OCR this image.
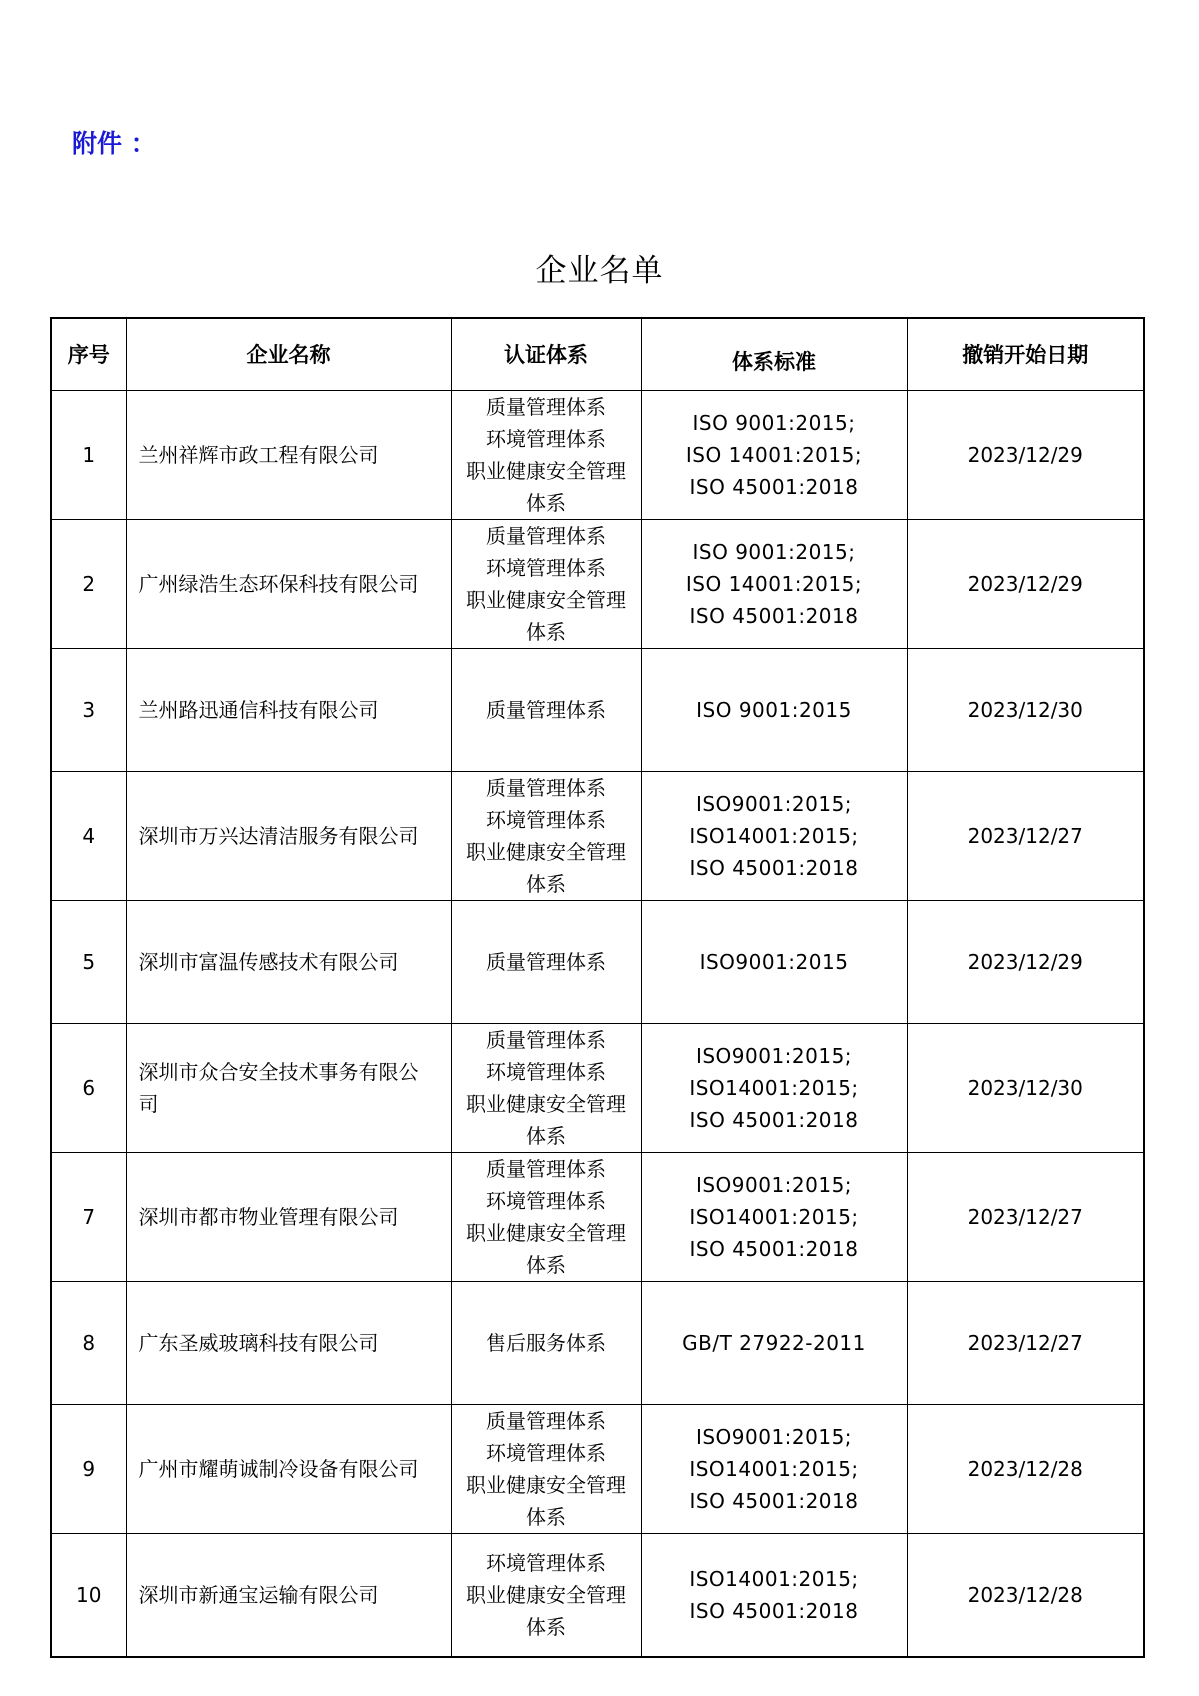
附件 ：
企业名单
序号	企业名称	认证体系	体系标准	撤销开始日期
1	兰州祥辉市政工程有限公司	质量管理体系
环境管理体系
职业健康安全管理
体系	ISO 9001:2015;
ISO 14001:2015;
ISO 45001:2018	2023/12/29
2	广州绿浩生态环保科技有限公司	质量管理体系
环境管理体系
职业健康安全管理
体系	ISO 9001:2015;
ISO 14001:2015;
ISO 45001:2018	2023/12/29
3	兰州路迅通信科技有限公司	质量管理体系	ISO 9001:2015	2023/12/30
4	深圳市万兴达清洁服务有限公司	质量管理体系
环境管理体系
职业健康安全管理
体系	ISO9001:2015;
ISO14001:2015;
ISO 45001:2018	2023/12/27
5	深圳市富温传感技术有限公司	质量管理体系	ISO9001:2015	2023/12/29
6	深圳市众合安全技术事务有限公司	质量管理体系
环境管理体系
职业健康安全管理
体系	ISO9001:2015;
ISO14001:2015;
ISO 45001:2018	2023/12/30
7	深圳市都市物业管理有限公司	质量管理体系
环境管理体系
职业健康安全管理
体系	ISO9001:2015;
ISO14001:2015;
ISO 45001:2018	2023/12/27
8	广东圣威玻璃科技有限公司	售后服务体系	GB/T 27922-2011	2023/12/27
9	广州市耀萌诚制冷设备有限公司	质量管理体系
环境管理体系
职业健康安全管理
体系	ISO9001:2015;
ISO14001:2015;
ISO 45001:2018	2023/12/28
10	深圳市新通宝运输有限公司	环境管理体系
职业健康安全管理
体系	ISO14001:2015;
ISO 45001:2018	2023/12/28
